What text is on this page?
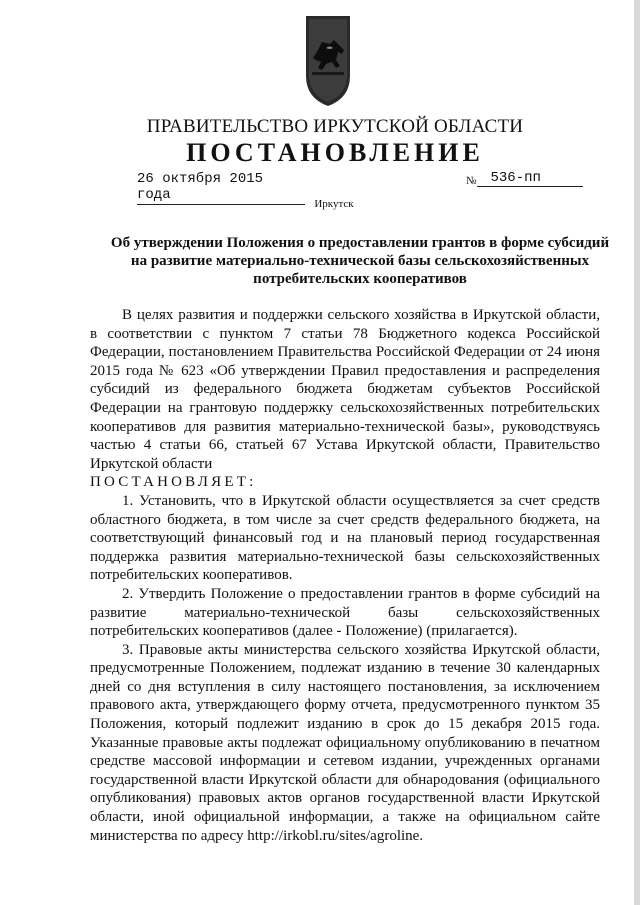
ПРАВИТЕЛЬСТВО ИРКУТСКОЙ ОБЛАСТИ
ПОСТАНОВЛЕНИЕ
26 октября 2015 года
№ 536-пп
Иркутск
Об утверждении Положения о предоставлении грантов в форме субсидий
на развитие материально-технической базы сельскохозяйственных
потребительских кооперативов

В целях развития и поддержки сельского хозяйства в Иркутской области, в соответствии с пунктом 7 статьи 78 Бюджетного кодекса Российской Федерации, постановлением Правительства Российской Федерации от 24 июня 2015 года № 623 «Об утверждении Правил предоставления и распределения субсидий из федерального бюджета бюджетам субъектов Российской Федерации на грантовую поддержку сельскохозяйственных потребительских кооперативов для развития материально-технической базы», руководствуясь частью 4 статьи 66, статьей 67 Устава Иркутской области, Правительство Иркутской области

ПОСТАНОВЛЯЕТ:

1. Установить, что в Иркутской области осуществляется за счет средств областного бюджета, в том числе за счет средств федерального бюджета, на соответствующий финансовый год и на плановый период государственная поддержка развития материально-технической базы сельскохозяйственных потребительских кооперативов.

2. Утвердить Положение о предоставлении грантов в форме субсидий на развитие материально-технической базы сельскохозяйственных потребительских кооперативов (далее - Положение) (прилагается).

3. Правовые акты министерства сельского хозяйства Иркутской области, предусмотренные Положением, подлежат изданию в течение 30 календарных дней со дня вступления в силу настоящего постановления, за исключением правового акта, утверждающего форму отчета, предусмотренного пунктом 35 Положения, который подлежит изданию в срок до 15 декабря 2015 года. Указанные правовые акты подлежат официальному опубликованию в печатном средстве массовой информации и сетевом издании, учрежденных органами государственной власти Иркутской области для обнародования (официального опубликования) правовых актов органов государственной власти Иркутской области, иной официальной информации, а также на официальном сайте министерства по адресу http://irkobl.ru/sites/agroline.
